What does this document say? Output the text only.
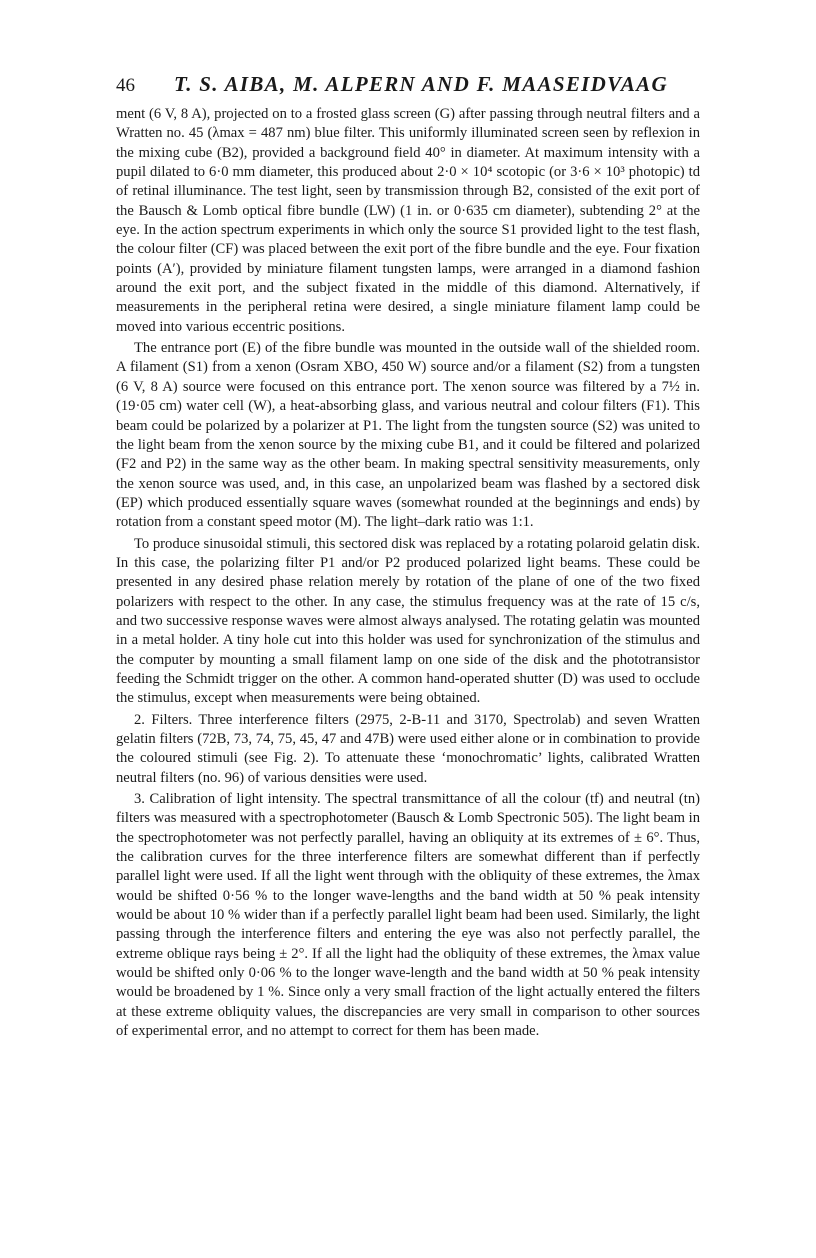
46 T. S. AIBA, M. ALPERN AND F. MAASEIDVAAG

ment (6 V, 8 A), projected on to a frosted glass screen (G) after passing through neutral filters and a Wratten no. 45 (λmax = 487 nm) blue filter. This uniformly illuminated screen seen by reflexion in the mixing cube (B2), provided a background field 40° in diameter. At maximum intensity with a pupil dilated to 6·0 mm diameter, this produced about 2·0 × 10⁴ scotopic (or 3·6 × 10³ photopic) td of retinal illuminance. The test light, seen by transmission through B2, consisted of the exit port of the Bausch & Lomb optical fibre bundle (LW) (1 in. or 0·635 cm diameter), subtending 2° at the eye. In the action spectrum experiments in which only the source S1 provided light to the test flash, the colour filter (CF) was placed between the exit port of the fibre bundle and the eye. Four fixation points (A′), provided by miniature filament tungsten lamps, were arranged in a diamond fashion around the exit port, and the subject fixated in the middle of this diamond. Alternatively, if measurements in the peripheral retina were desired, a single miniature filament lamp could be moved into various eccentric positions.

The entrance port (E) of the fibre bundle was mounted in the outside wall of the shielded room. A filament (S1) from a xenon (Osram XBO, 450 W) source and/or a filament (S2) from a tungsten (6 V, 8 A) source were focused on this entrance port. The xenon source was filtered by a 7½ in. (19·05 cm) water cell (W), a heat-absorbing glass, and various neutral and colour filters (F1). This beam could be polarized by a polarizer at P1. The light from the tungsten source (S2) was united to the light beam from the xenon source by the mixing cube B1, and it could be filtered and polarized (F2 and P2) in the same way as the other beam. In making spectral sensitivity measurements, only the xenon source was used, and, in this case, an unpolarized beam was flashed by a sectored disk (EP) which produced essentially square waves (somewhat rounded at the beginnings and ends) by rotation from a constant speed motor (M). The light–dark ratio was 1:1.

To produce sinusoidal stimuli, this sectored disk was replaced by a rotating polaroid gelatin disk. In this case, the polarizing filter P1 and/or P2 produced polarized light beams. These could be presented in any desired phase relation merely by rotation of the plane of one of the two fixed polarizers with respect to the other. In any case, the stimulus frequency was at the rate of 15 c/s, and two successive response waves were almost always analysed. The rotating gelatin was mounted in a metal holder. A tiny hole cut into this holder was used for synchronization of the stimulus and the computer by mounting a small filament lamp on one side of the disk and the phototransistor feeding the Schmidt trigger on the other. A common hand-operated shutter (D) was used to occlude the stimulus, except when measurements were being obtained.

2. Filters. Three interference filters (2975, 2-B-11 and 3170, Spectrolab) and seven Wratten gelatin filters (72B, 73, 74, 75, 45, 47 and 47B) were used either alone or in combination to provide the coloured stimuli (see Fig. 2). To attenuate these ‘monochromatic’ lights, calibrated Wratten neutral filters (no. 96) of various densities were used.

3. Calibration of light intensity. The spectral transmittance of all the colour (tf) and neutral (tn) filters was measured with a spectrophotometer (Bausch & Lomb Spectronic 505). The light beam in the spectrophotometer was not perfectly parallel, having an obliquity at its extremes of ± 6°. Thus, the calibration curves for the three interference filters are somewhat different than if perfectly parallel light were used. If all the light went through with the obliquity of these extremes, the λmax would be shifted 0·56 % to the longer wave-lengths and the band width at 50 % peak intensity would be about 10 % wider than if a perfectly parallel light beam had been used. Similarly, the light passing through the interference filters and entering the eye was also not perfectly parallel, the extreme oblique rays being ± 2°. If all the light had the obliquity of these extremes, the λmax value would be shifted only 0·06 % to the longer wave-length and the band width at 50 % peak intensity would be broadened by 1 %. Since only a very small fraction of the light actually entered the filters at these extreme obliquity values, the discrepancies are very small in comparison to other sources of experimental error, and no attempt to correct for them has been made.
